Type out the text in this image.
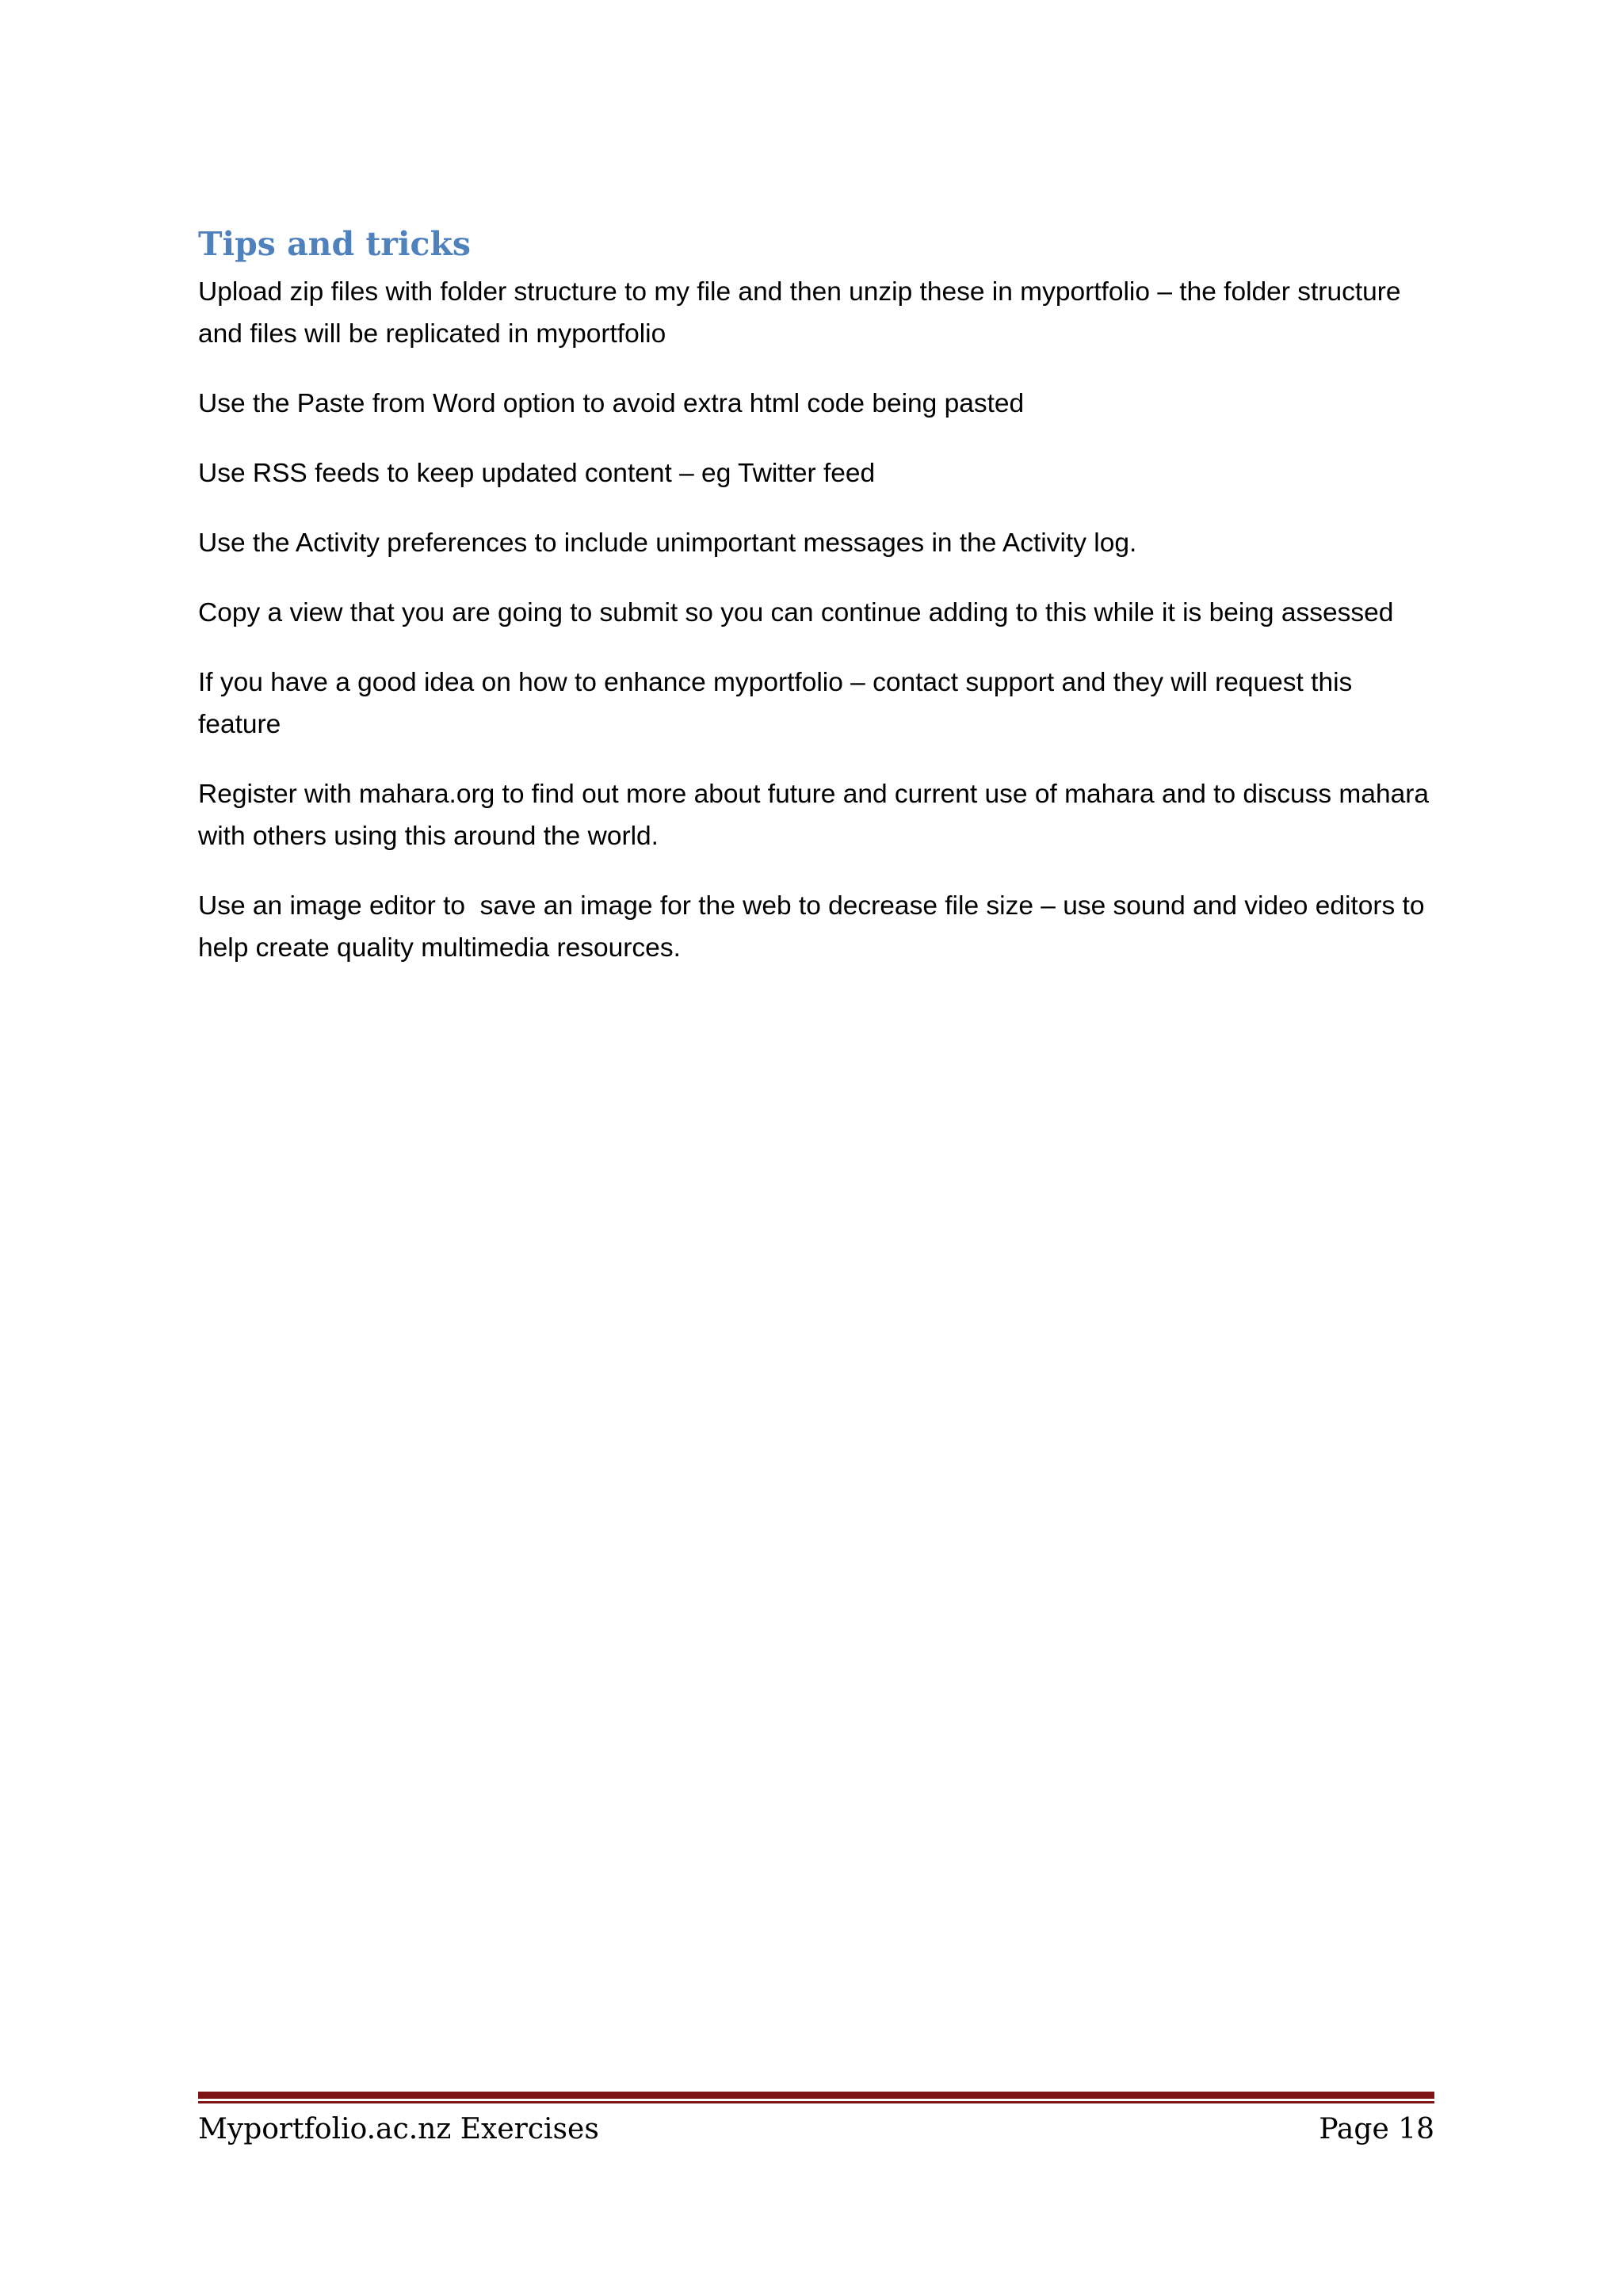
Tips and tricks

Upload zip files with folder structure to my file and then unzip these in myportfolio – the folder structure and files will be replicated in myportfolio

Use the Paste from Word option to avoid extra html code being pasted

Use RSS feeds to keep updated content – eg Twitter feed

Use the Activity preferences to include unimportant messages in the Activity log.

Copy a view that you are going to submit so you can continue adding to this while it is being assessed

If you have a good idea on how to enhance myportfolio – contact support and they will request this feature

Register with mahara.org to find out more about future and current use of mahara and to discuss mahara with others using this around the world.

Use an image editor to  save an image for the web to decrease file size – use sound and video editors to help create quality multimedia resources.

Myportfolio.ac.nz Exercises	Page 18
